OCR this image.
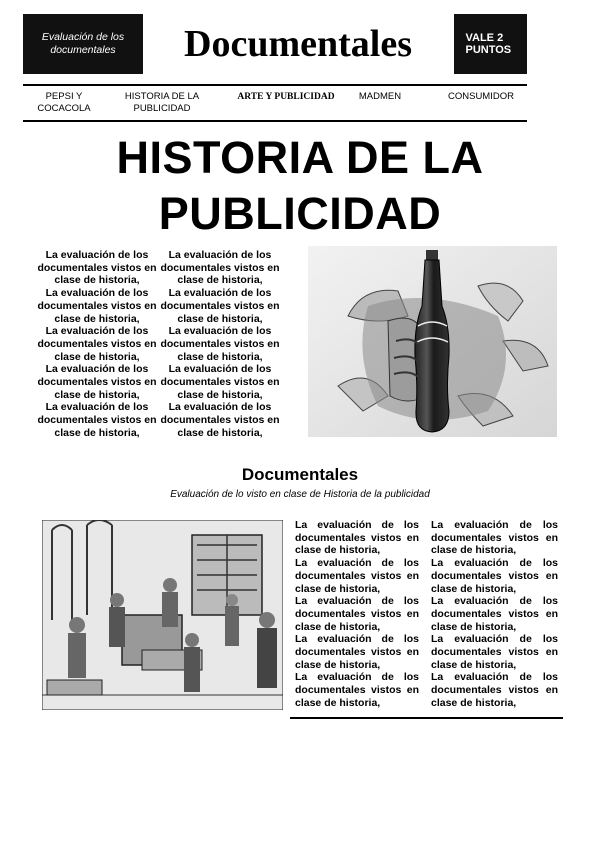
Evaluación de los documentales	Documentales	VALE 2 PUNTOS
PEPSI Y COCACOLA
HISTORIA DE LA PUBLICIDAD
ARTE Y PUBLICIDAD	MADMEN	CONSUMIDOR
HISTORIA DE LA PUBLICIDAD

La evaluación de los documentales vistos en clase de historia,

La evaluación de los documentales vistos en clase de historia,

La evaluación de los documentales vistos en clase de historia,

La evaluación de los documentales vistos en clase de historia,

La evaluación de los documentales vistos en clase de historia,

La evaluación de los documentales vistos en clase de historia,

La evaluación de los documentales vistos en clase de historia,

La evaluación de los documentales vistos en clase de historia,

La evaluación de los documentales vistos en clase de historia,

La evaluación de los documentales vistos en clase de historia,

Documentales
Evaluación de lo visto en clase de Historia de la publicidad

La evaluación de los documentales vistos en clase de historia,

La evaluación de los documentales vistos en clase de historia,

La evaluación de los documentales vistos en clase de historia,

La evaluación de los documentales vistos en clase de historia,

La evaluación de los documentales vistos en clase de historia,

La evaluación de los documentales vistos en clase de historia,

La evaluación de los documentales vistos en clase de historia,

La evaluación de los documentales vistos en clase de historia,

La evaluación de los documentales vistos en clase de historia,

La evaluación de los documentales vistos en clase de historia,
